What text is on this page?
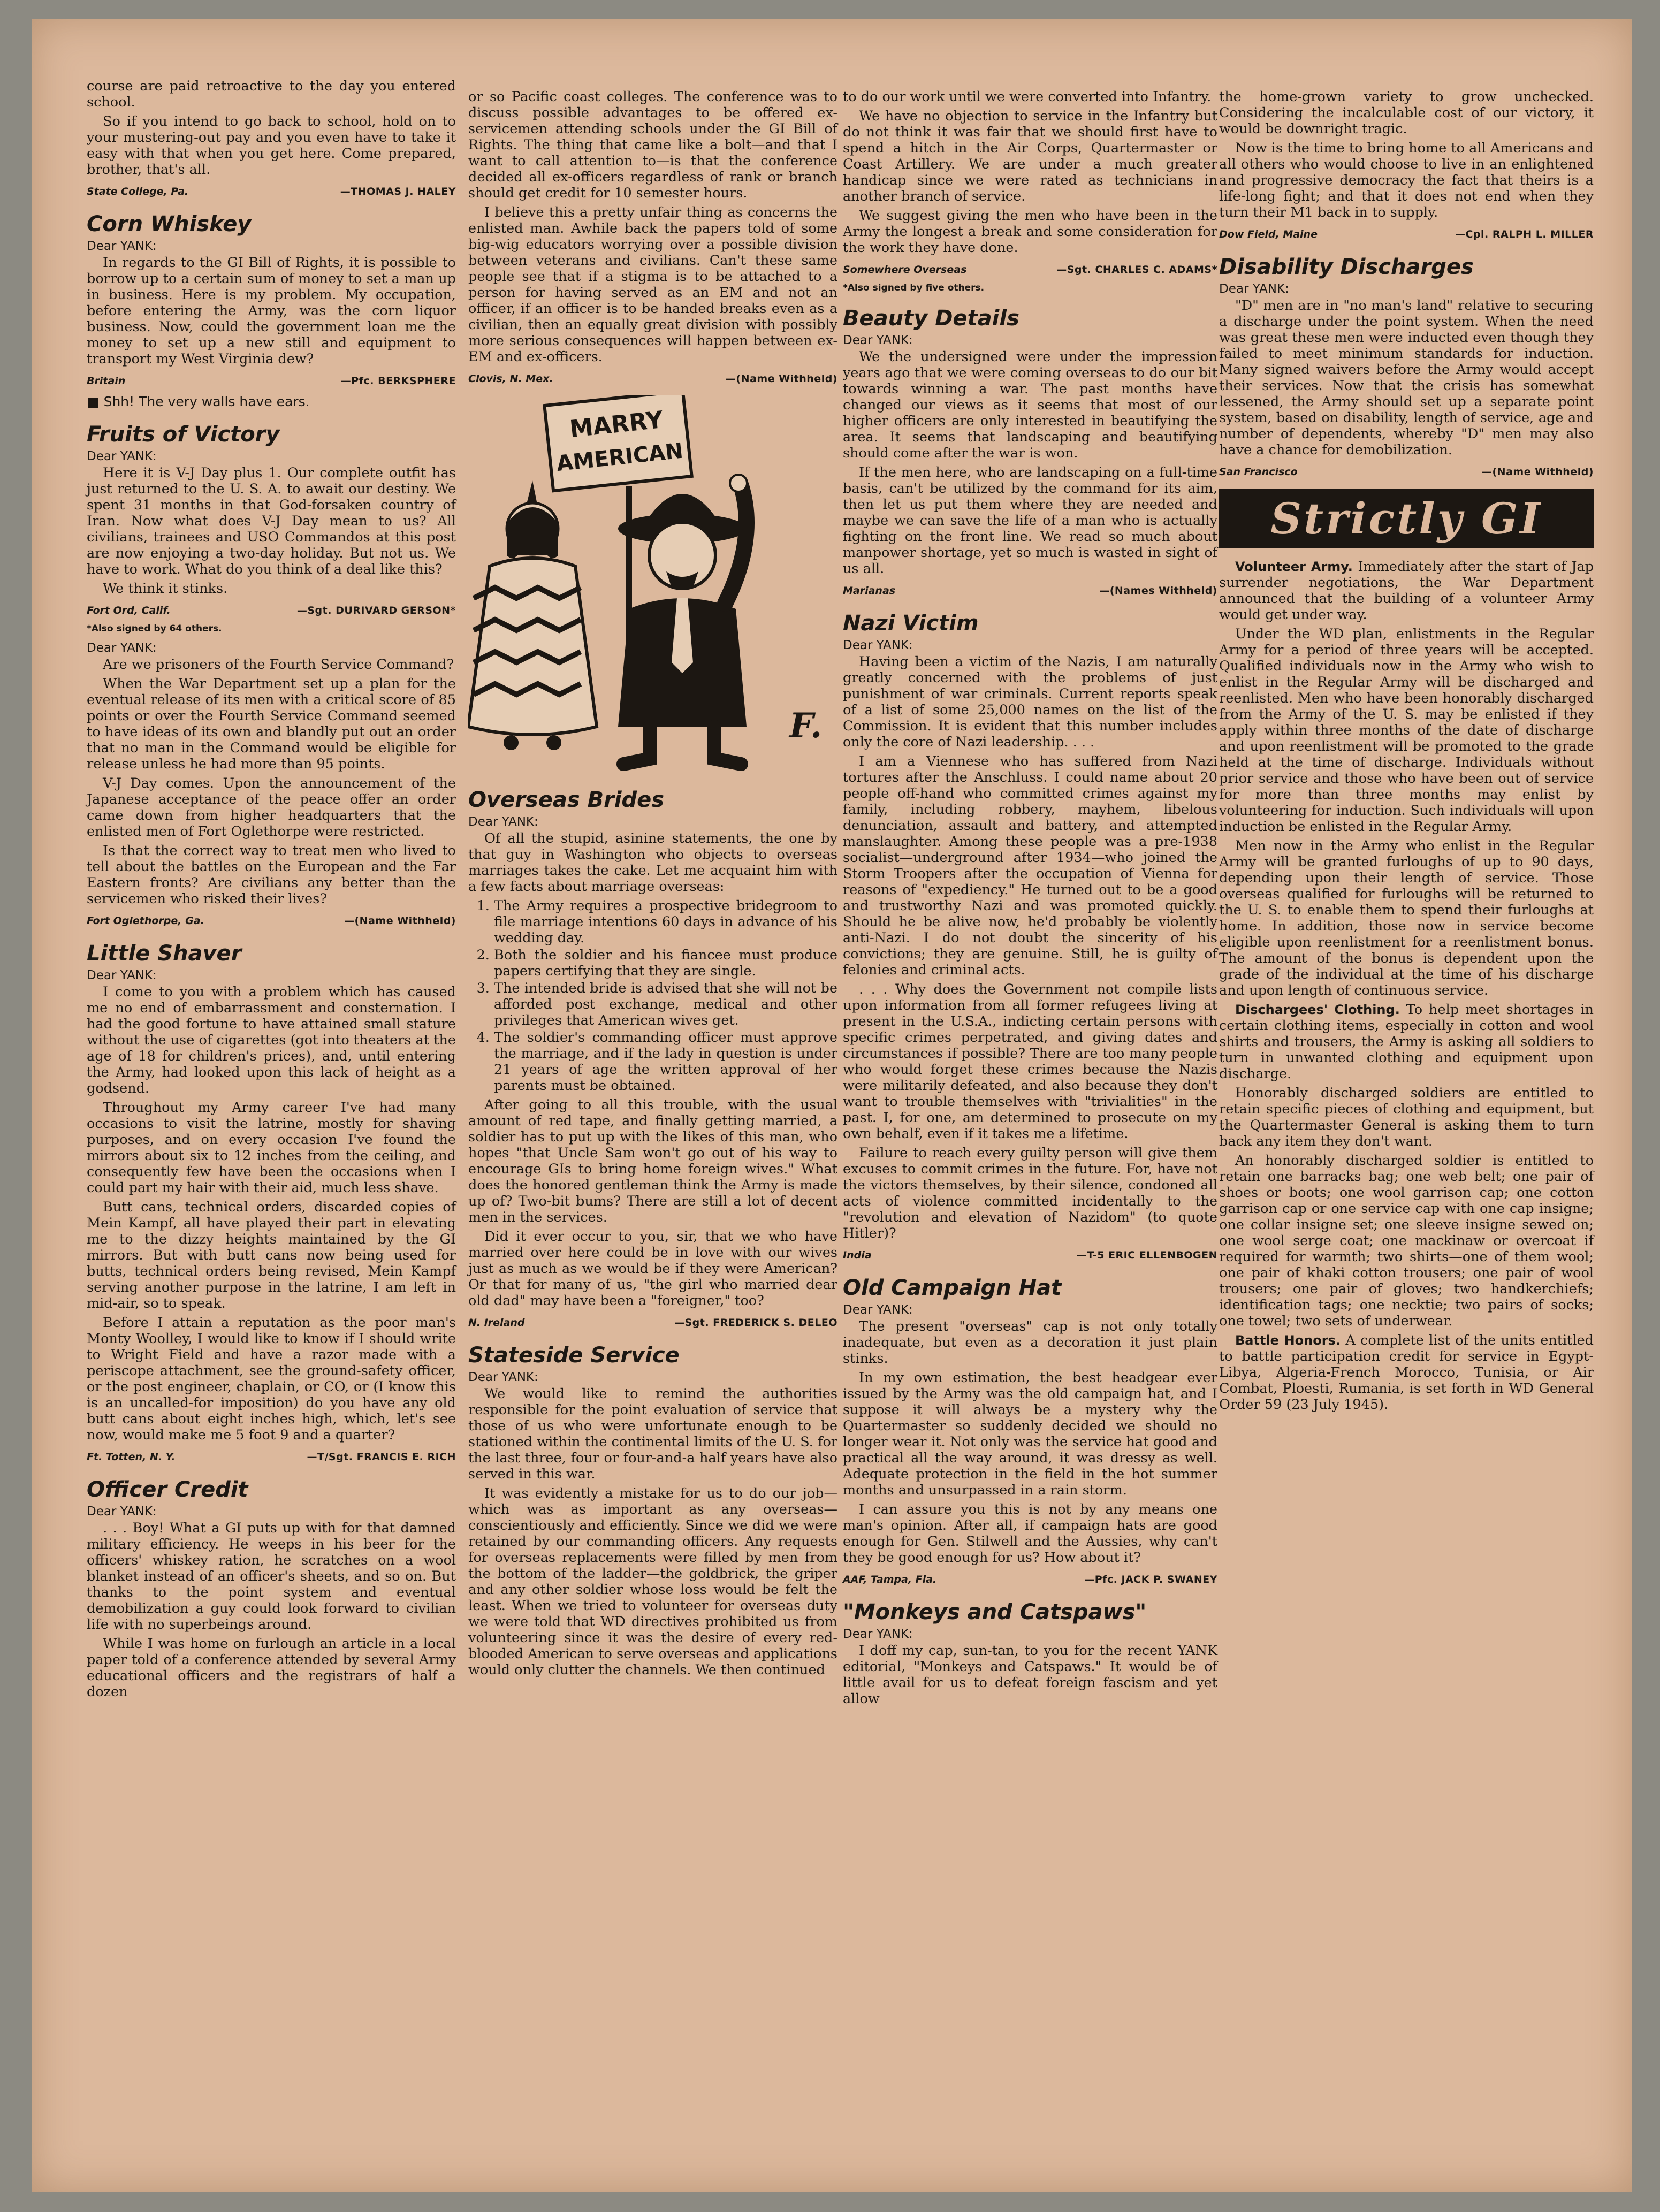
course are paid retroactive to the day you entered school.

So if you intend to go back to school, hold on to your mustering-out pay and you even have to take it easy with that when you get here. Come prepared, brother, that's all.

State College, Pa.	—THOMAS J. HALEY
Corn Whiskey
Dear YANK:

In regards to the GI Bill of Rights, it is possible to borrow up to a certain sum of money to set a man up in business. Here is my problem. My occupation, before entering the Army, was the corn liquor business. Now, could the government loan me the money to set up a new still and equipment to transport my West Virginia dew?

Britain	—Pfc. BERKSPHERE
■ Shh! The very walls have ears.
Fruits of Victory
Dear YANK:

Here it is V-J Day plus 1. Our complete outfit has just returned to the U. S. A. to await our destiny. We spent 31 months in that God-forsaken country of Iran. Now what does V-J Day mean to us? All civilians, trainees and USO Commandos at this post are now enjoying a two-day holiday. But not us. We have to work. What do you think of a deal like this?

We think it stinks.

Fort Ord, Calif.	—Sgt. DURIVARD GERSON*
*Also signed by 64 others.
Dear YANK:

Are we prisoners of the Fourth Service Command?

When the War Department set up a plan for the eventual release of its men with a critical score of 85 points or over the Fourth Service Command seemed to have ideas of its own and blandly put out an order that no man in the Command would be eligible for release unless he had more than 95 points.

V-J Day comes. Upon the announcement of the Japanese acceptance of the peace offer an order came down from higher headquarters that the enlisted men of Fort Oglethorpe were restricted.

Is that the correct way to treat men who lived to tell about the battles on the European and the Far Eastern fronts? Are civilians any better than the servicemen who risked their lives?

Fort Oglethorpe, Ga.	—(Name Withheld)
Little Shaver
Dear YANK:

I come to you with a problem which has caused me no end of embarrassment and consternation. I had the good fortune to have attained small stature without the use of cigarettes (got into theaters at the age of 18 for children's prices), and, until entering the Army, had looked upon this lack of height as a godsend.

Throughout my Army career I've had many occasions to visit the latrine, mostly for shaving purposes, and on every occasion I've found the mirrors about six to 12 inches from the ceiling, and consequently few have been the occasions when I could part my hair with their aid, much less shave.

Butt cans, technical orders, discarded copies of Mein Kampf, all have played their part in elevating me to the dizzy heights maintained by the GI mirrors. But with butt cans now being used for butts, technical orders being revised, Mein Kampf serving another purpose in the latrine, I am left in mid-air, so to speak.

Before I attain a reputation as the poor man's Monty Woolley, I would like to know if I should write to Wright Field and have a razor made with a periscope attachment, see the ground-safety officer, or the post engineer, chaplain, or CO, or (I know this is an uncalled-for imposition) do you have any old butt cans about eight inches high, which, let's see now, would make me 5 foot 9 and a quarter?

Ft. Totten, N. Y.	—T/Sgt. FRANCIS E. RICH
Officer Credit
Dear YANK:

. . . Boy! What a GI puts up with for that damned military efficiency. He weeps in his beer for the officers' whiskey ration, he scratches on a wool blanket instead of an officer's sheets, and so on. But thanks to the point system and eventual demobilization a guy could look forward to civilian life with no superbeings around.

While I was home on furlough an article in a local paper told of a conference attended by several Army educational officers and the registrars of half a dozen

or so Pacific coast colleges. The conference was to discuss possible advantages to be offered ex-servicemen attending schools under the GI Bill of Rights. The thing that came like a bolt—and that I want to call attention to—is that the conference decided all ex-officers regardless of rank or branch should get credit for 10 semester hours.

I believe this a pretty unfair thing as concerns the enlisted man. Awhile back the papers told of some big-wig educators worrying over a possible division between veterans and civilians. Can't these same people see that if a stigma is to be attached to a person for having served as an EM and not an officer, if an officer is to be handed breaks even as a civilian, then an equally great division with possibly more serious consequences will happen between ex-EM and ex-officers.

Clovis, N. Mex.	—(Name Withheld)
MARRY
AMERICAN
F.
Overseas Brides
Dear YANK:

Of all the stupid, asinine statements, the one by that guy in Washington who objects to overseas marriages takes the cake. Let me acquaint him with a few facts about marriage overseas:

1. The Army requires a prospective bridegroom to file marriage intentions 60 days in advance of his wedding day.
2. Both the soldier and his fiancee must produce papers certifying that they are single.
3. The intended bride is advised that she will not be afforded post exchange, medical and other privileges that American wives get.
4. The soldier's commanding officer must approve the marriage, and if the lady in question is under 21 years of age the written approval of her parents must be obtained.

After going to all this trouble, with the usual amount of red tape, and finally getting married, a soldier has to put up with the likes of this man, who hopes "that Uncle Sam won't go out of his way to encourage GIs to bring home foreign wives." What does the honored gentleman think the Army is made up of? Two-bit bums? There are still a lot of decent men in the services.

Did it ever occur to you, sir, that we who have married over here could be in love with our wives just as much as we would be if they were American? Or that for many of us, "the girl who married dear old dad" may have been a "foreigner," too?

N. Ireland	—Sgt. FREDERICK S. DELEO
Stateside Service
Dear YANK:

We would like to remind the authorities responsible for the point evaluation of service that those of us who were unfortunate enough to be stationed within the continental limits of the U. S. for the last three, four or four-and-a half years have also served in this war.

It was evidently a mistake for us to do our job—which was as important as any overseas—conscientiously and efficiently. Since we did we were retained by our commanding officers. Any requests for overseas replacements were filled by men from the bottom of the ladder—the goldbrick, the griper and any other soldier whose loss would be felt the least. When we tried to volunteer for overseas duty we were told that WD directives prohibited us from volunteering since it was the desire of every red-blooded American to serve overseas and applications would only clutter the channels. We then continued

to do our work until we were converted into Infantry.

We have no objection to service in the Infantry but do not think it was fair that we should first have to spend a hitch in the Air Corps, Quartermaster or Coast Artillery. We are under a much greater handicap since we were rated as technicians in another branch of service.

We suggest giving the men who have been in the Army the longest a break and some consideration for the work they have done.

Somewhere Overseas	—Sgt. CHARLES C. ADAMS*
*Also signed by five others.
Beauty Details
Dear YANK:

We the undersigned were under the impression years ago that we were coming overseas to do our bit towards winning a war. The past months have changed our views as it seems that most of our higher officers are only interested in beautifying the area. It seems that landscaping and beautifying should come after the war is won.

If the men here, who are landscaping on a full-time basis, can't be utilized by the command for its aim, then let us put them where they are needed and maybe we can save the life of a man who is actually fighting on the front line. We read so much about manpower shortage, yet so much is wasted in sight of us all.

Marianas	—(Names Withheld)
Nazi Victim
Dear YANK:

Having been a victim of the Nazis, I am naturally greatly concerned with the problems of just punishment of war criminals. Current reports speak of a list of some 25,000 names on the list of the Commission. It is evident that this number includes only the core of Nazi leadership. . . .

I am a Viennese who has suffered from Nazi tortures after the Anschluss. I could name about 20 people off-hand who committed crimes against my family, including robbery, mayhem, libelous denunciation, assault and battery, and attempted manslaughter. Among these people was a pre-1938 socialist—underground after 1934—who joined the Storm Troopers after the occupation of Vienna for reasons of "expediency." He turned out to be a good and trustworthy Nazi and was promoted quickly. Should he be alive now, he'd probably be violently anti-Nazi. I do not doubt the sincerity of his convictions; they are genuine. Still, he is guilty of felonies and criminal acts.

. . . Why does the Government not compile lists upon information from all former refugees living at present in the U.S.A., indicting certain persons with specific crimes perpetrated, and giving dates and circumstances if possible? There are too many people who would forget these crimes because the Nazis were militarily defeated, and also because they don't want to trouble themselves with "trivialities" in the past. I, for one, am determined to prosecute on my own behalf, even if it takes me a lifetime.

Failure to reach every guilty person will give them excuses to commit crimes in the future. For, have not the victors themselves, by their silence, condoned all acts of violence committed incidentally to the "revolution and elevation of Nazidom" (to quote Hitler)?

India	—T-5 ERIC ELLENBOGEN
Old Campaign Hat
Dear YANK:

The present "overseas" cap is not only totally inadequate, but even as a decoration it just plain stinks.

In my own estimation, the best headgear ever issued by the Army was the old campaign hat, and I suppose it will always be a mystery why the Quartermaster so suddenly decided we should no longer wear it. Not only was the service hat good and practical all the way around, it was dressy as well. Adequate protection in the field in the hot summer months and unsurpassed in a rain storm.

I can assure you this is not by any means one man's opinion. After all, if campaign hats are good enough for Gen. Stilwell and the Aussies, why can't they be good enough for us? How about it?

AAF, Tampa, Fla.	—Pfc. JACK P. SWANEY
"Monkeys and Catspaws"
Dear YANK:

I doff my cap, sun-tan, to you for the recent YANK editorial, "Monkeys and Catspaws." It would be of little avail for us to defeat foreign fascism and yet allow

the home-grown variety to grow unchecked. Considering the incalculable cost of our victory, it would be downright tragic.

Now is the time to bring home to all Americans and all others who would choose to live in an enlightened and progressive democracy the fact that theirs is a life-long fight; and that it does not end when they turn their M1 back in to supply.

Dow Field, Maine	—Cpl. RALPH L. MILLER
Disability Discharges
Dear YANK:

"D" men are in "no man's land" relative to securing a discharge under the point system. When the need was great these men were inducted even though they failed to meet minimum standards for induction. Many signed waivers before the Army would accept their services. Now that the crisis has somewhat lessened, the Army should set up a separate point system, based on disability, length of service, age and number of dependents, whereby "D" men may also have a chance for demobilization.

San Francisco	—(Name Withheld)
Strictly GI

Volunteer Army. Immediately after the start of Jap surrender negotiations, the War Department announced that the building of a volunteer Army would get under way.

Under the WD plan, enlistments in the Regular Army for a period of three years will be accepted. Qualified individuals now in the Army who wish to enlist in the Regular Army will be discharged and reenlisted. Men who have been honorably discharged from the Army of the U. S. may be enlisted if they apply within three months of the date of discharge and upon reenlistment will be promoted to the grade held at the time of discharge. Individuals without prior service and those who have been out of service for more than three months may enlist by volunteering for induction. Such individuals will upon induction be enlisted in the Regular Army.

Men now in the Army who enlist in the Regular Army will be granted furloughs of up to 90 days, depending upon their length of service. Those overseas qualified for furloughs will be returned to the U. S. to enable them to spend their furloughs at home. In addition, those now in service become eligible upon reenlistment for a reenlistment bonus. The amount of the bonus is dependent upon the grade of the individual at the time of his discharge and upon length of continuous service.

Dischargees' Clothing. To help meet shortages in certain clothing items, especially in cotton and wool shirts and trousers, the Army is asking all soldiers to turn in unwanted clothing and equipment upon discharge.

Honorably discharged soldiers are entitled to retain specific pieces of clothing and equipment, but the Quartermaster General is asking them to turn back any item they don't want.

An honorably discharged soldier is entitled to retain one barracks bag; one web belt; one pair of shoes or boots; one wool garrison cap; one cotton garrison cap or one service cap with one cap insigne; one collar insigne set; one sleeve insigne sewed on; one wool serge coat; one mackinaw or overcoat if required for warmth; two shirts—one of them wool; one pair of khaki cotton trousers; one pair of wool trousers; one pair of gloves; two handkerchiefs; identification tags; one necktie; two pairs of socks; one towel; two sets of underwear.

Battle Honors. A complete list of the units entitled to battle participation credit for service in Egypt-Libya, Algeria-French Morocco, Tunisia, or Air Combat, Ploesti, Rumania, is set forth in WD General Order 59 (23 July 1945).
